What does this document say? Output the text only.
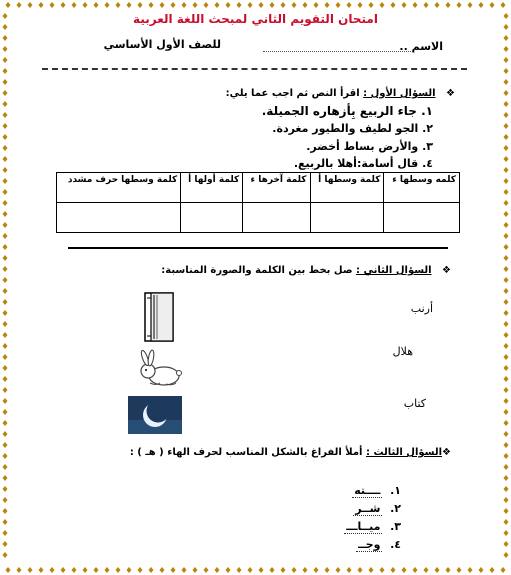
امتحان التقويم الثاني لمبحث اللغة العربية
الاسم ..
للصف الأول الأساسي
❖   السؤال الأول : اقرأ النص ثم اجب عما يلي:
١. جاء الربيع بِأزهاره الجميلة.
٢. الجو لطيف والطيور مغردة.
٣. والأرض بساط أخضر.
٤. قال أسامة:أهلا بالربيع.
كلمه وسطها ء	كلمة وسطها أ	كلمة آخرها ء	كلمة أولها أ	كلمة وسطها حرف مشدد

❖   السؤال الثاني : صل بخط بين الكلمة والصورة المناسبة:
أرنب
هلال
كتاب
❖السؤال الثالث : أملأ الفراغ بالشكل المناسب لحرف الهاء ( هـ ) :
١.  ــــته
٢.  شــر
٣.  ميــاـــ
٤.  وجــ
